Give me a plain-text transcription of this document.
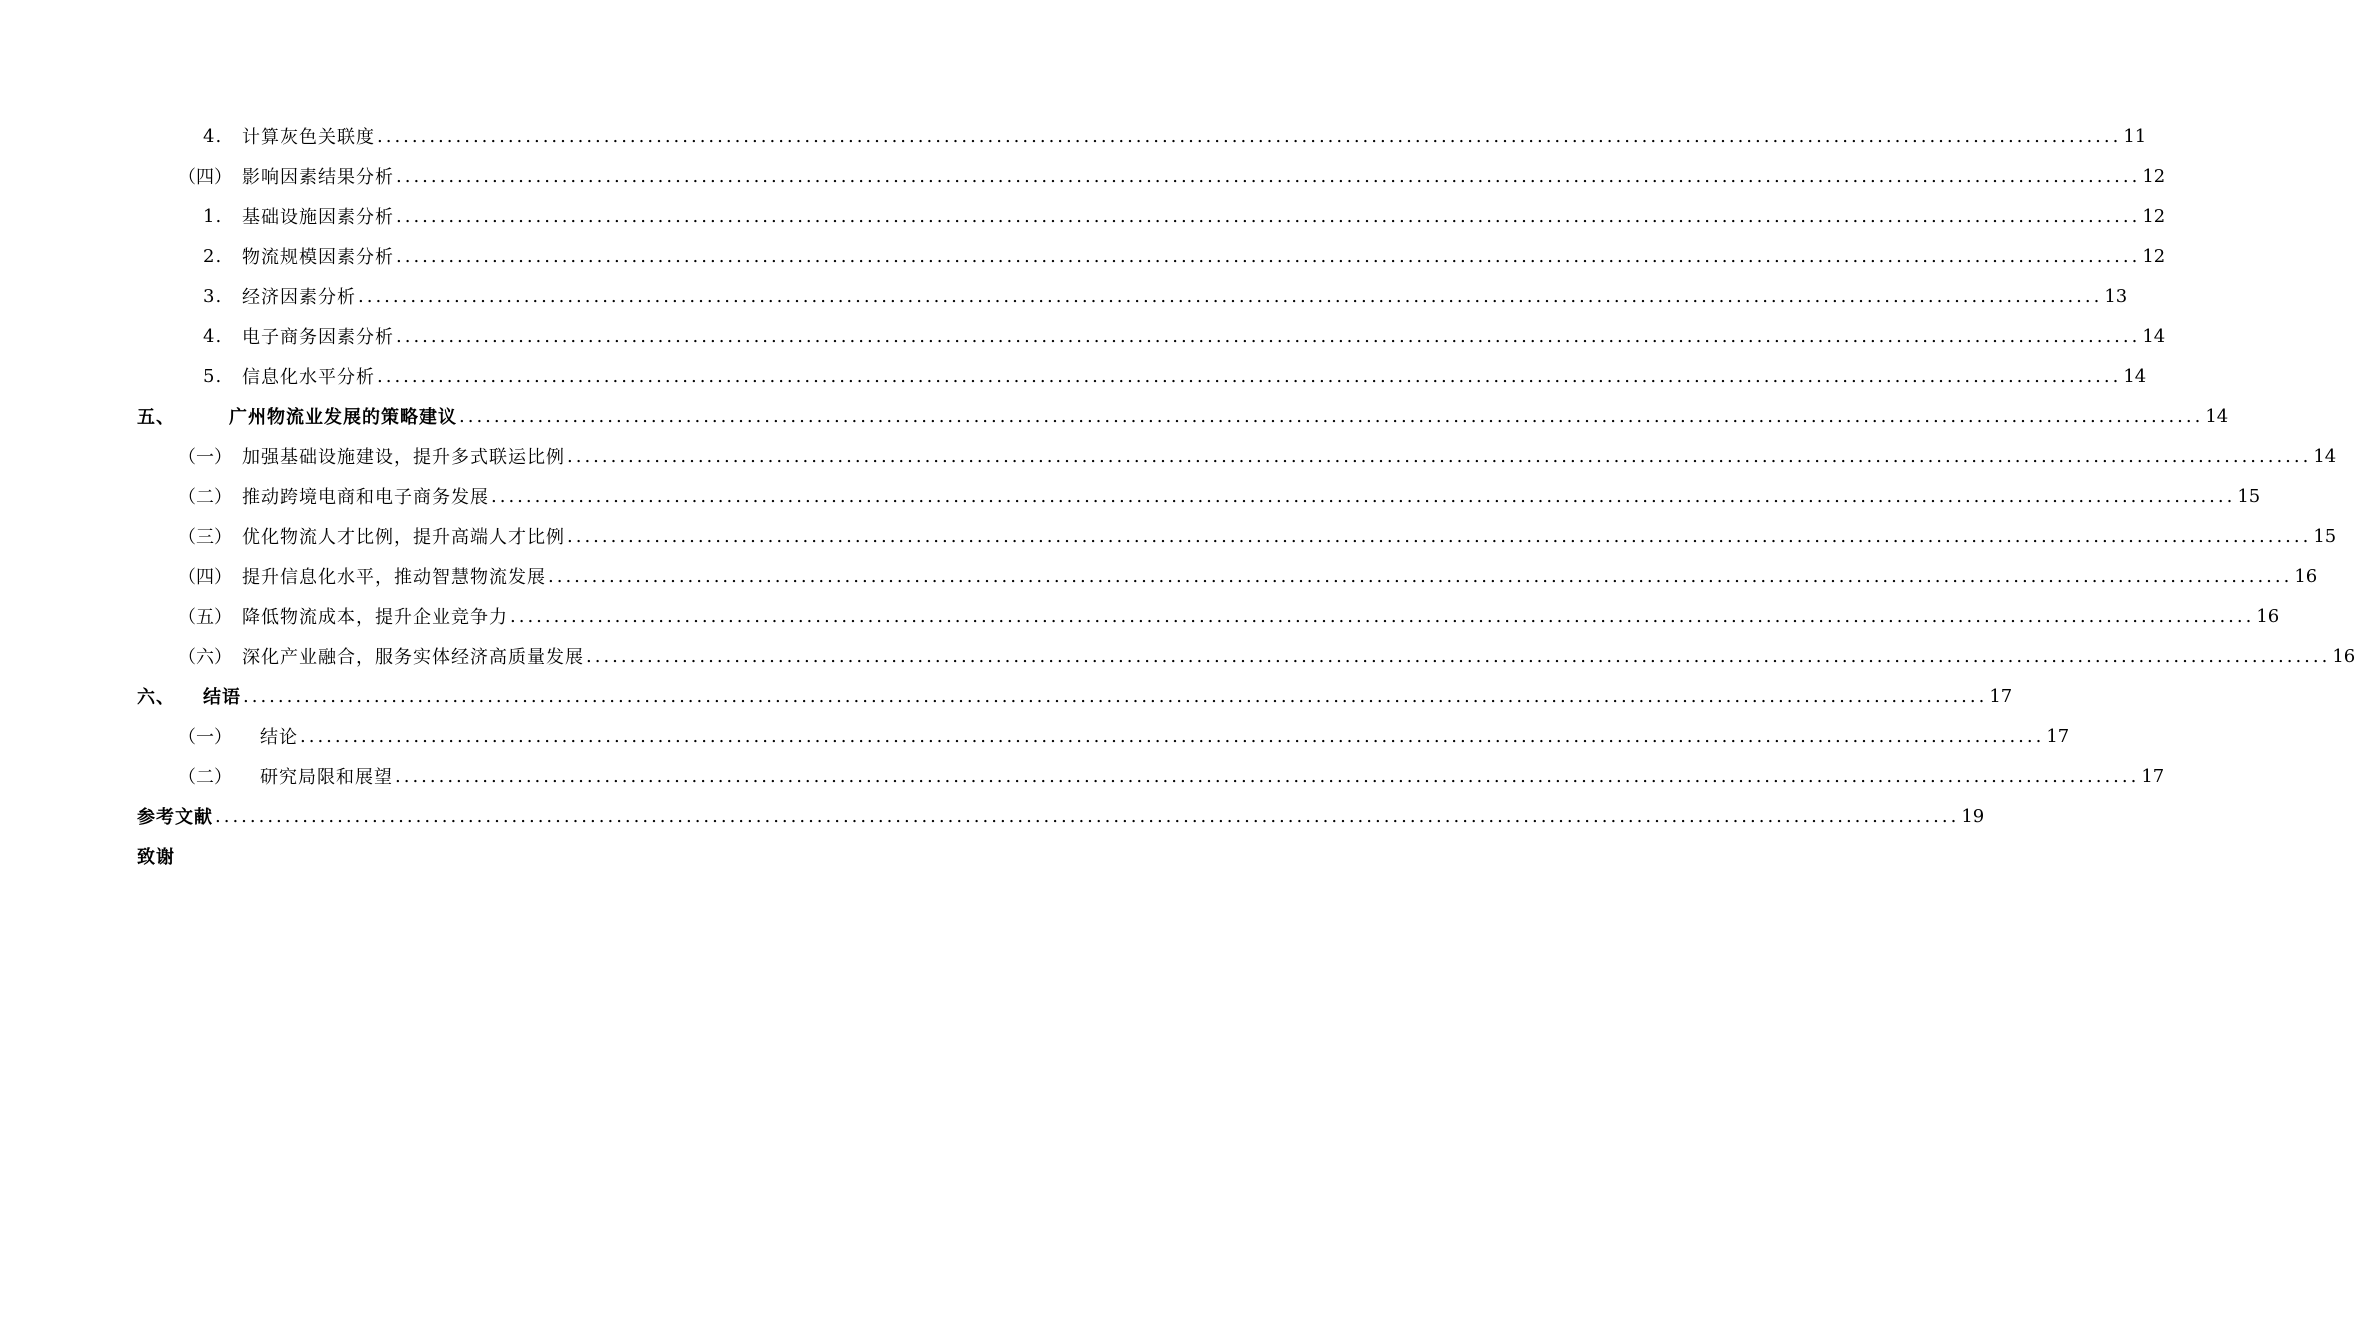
4.	计算灰色关联度 ........................................................................................................................................................................................................ 11
（四） 影响因素结果分析 ........................................................................................................................................................................................................ 12
1.	基础设施因素分析 ........................................................................................................................................................................................................ 12
2.	物流规模因素分析 ........................................................................................................................................................................................................ 12
3.	经济因素分析 ........................................................................................................................................................................................................ 13
4.	电子商务因素分析 ........................................................................................................................................................................................................ 14
5.	信息化水平分析 ........................................................................................................................................................................................................ 14
五、	广州物流业发展的策略建议 ........................................................................................................................................................................................................ 14
（一） 加强基础设施建设，提升多式联运比例 ........................................................................................................................................................................................................ 14
（二） 推动跨境电商和电子商务发展 ........................................................................................................................................................................................................ 15
（三） 优化物流人才比例，提升高端人才比例 ........................................................................................................................................................................................................ 15
（四） 提升信息化水平，推动智慧物流发展 ........................................................................................................................................................................................................ 16
（五） 降低物流成本，提升企业竞争力 ........................................................................................................................................................................................................ 16
（六） 深化产业融合，服务实体经济高质量发展 ........................................................................................................................................................................................................ 16
六、	结语 ........................................................................................................................................................................................................ 17
（一）	结论 ........................................................................................................................................................................................................ 17
（二）	研究局限和展望 ........................................................................................................................................................................................................ 17
参考文献 ........................................................................................................................................................................................................ 19
致谢
